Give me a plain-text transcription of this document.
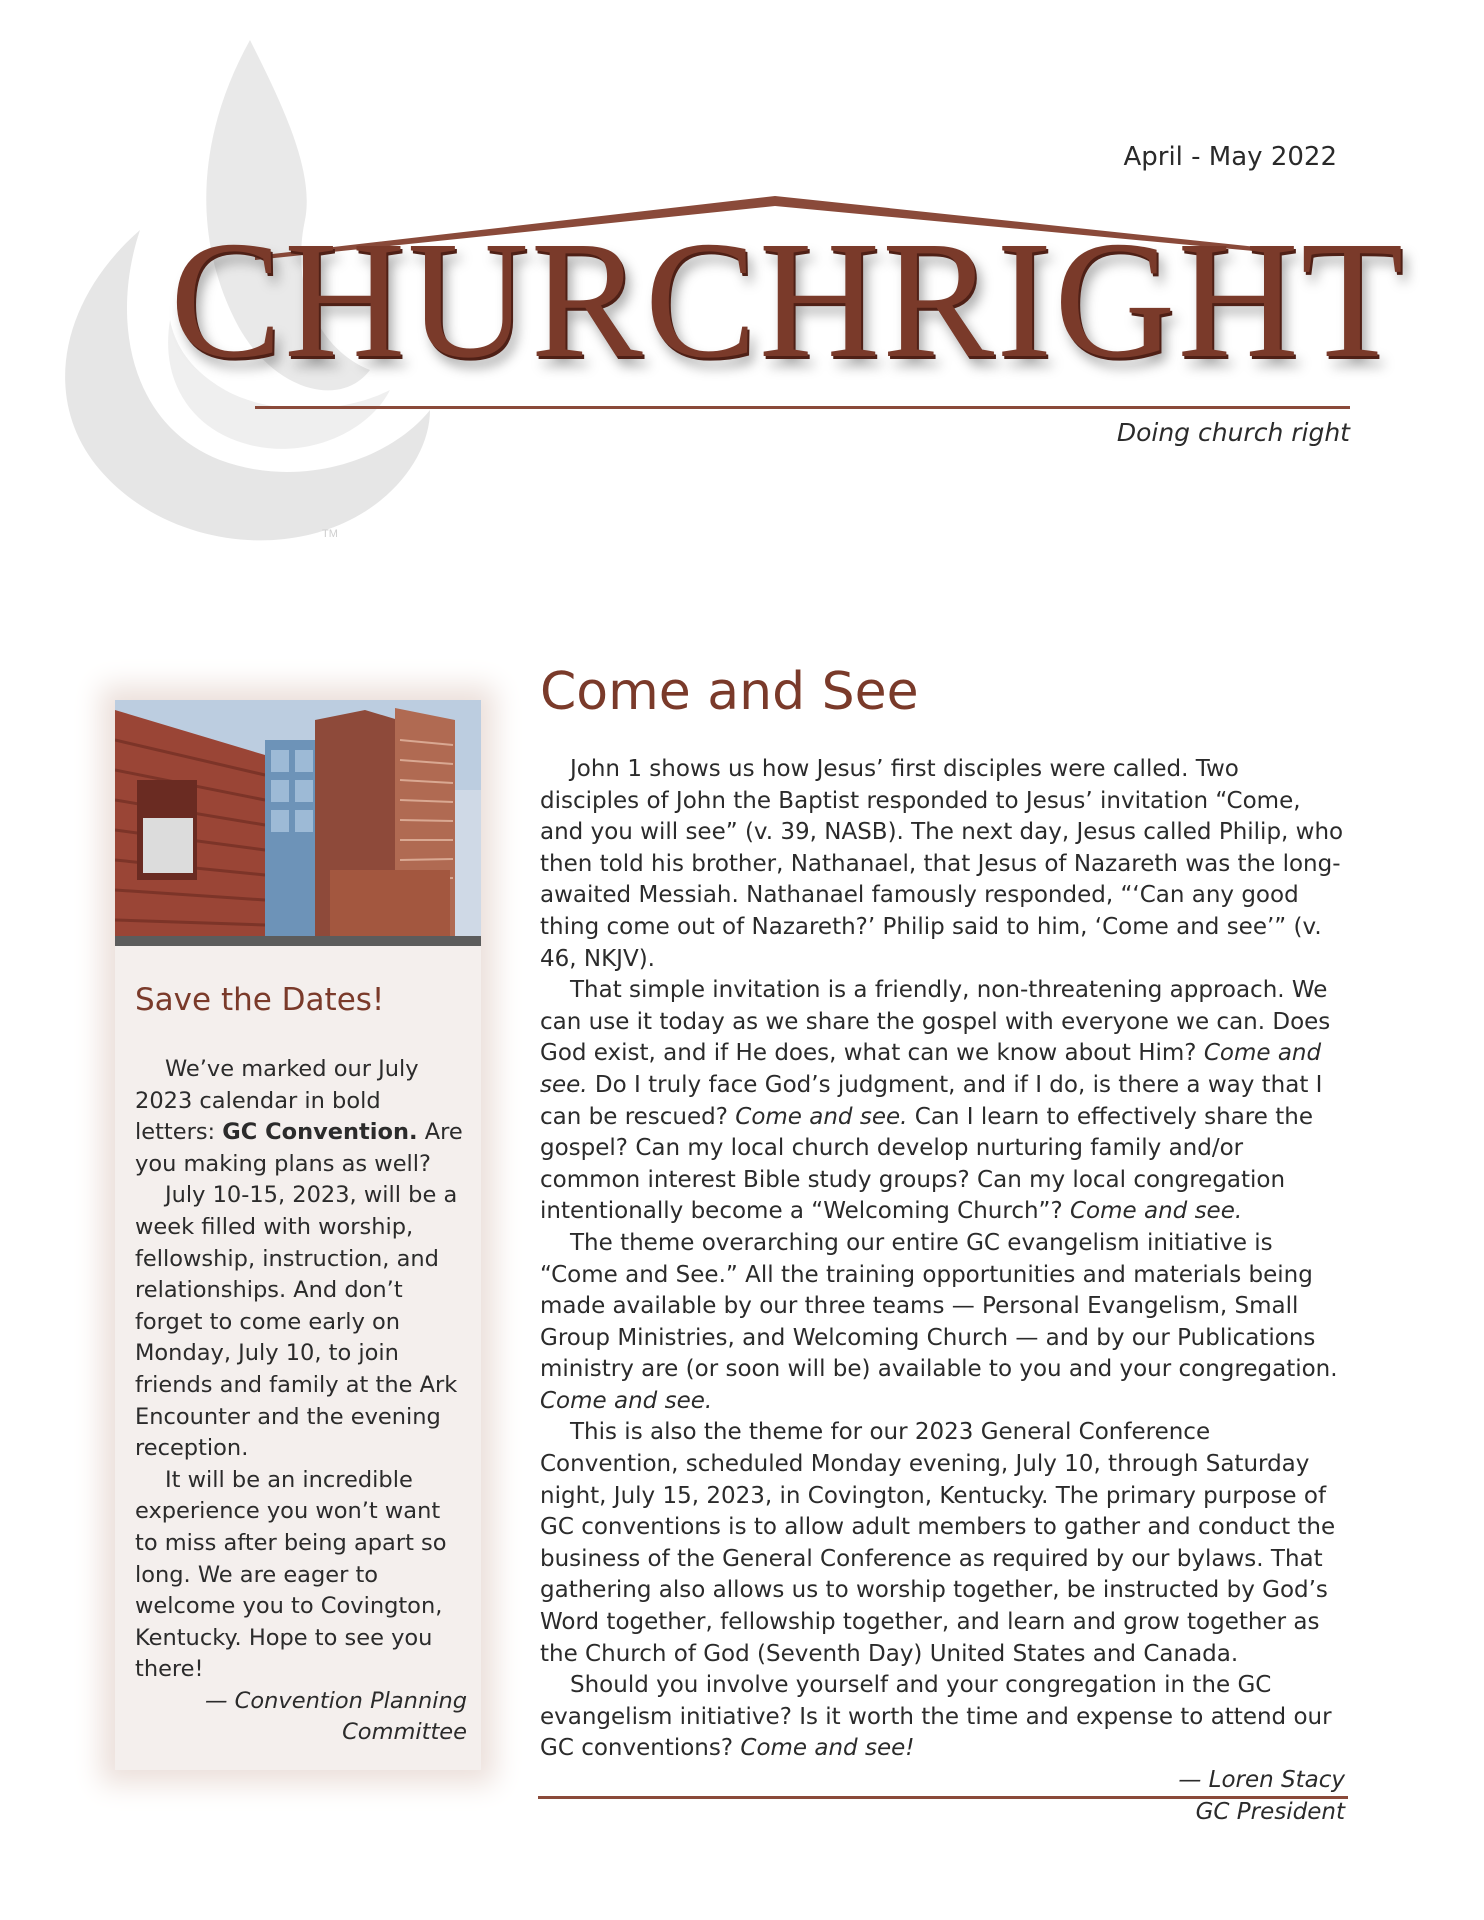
TM
April - May 2022
CHURCHRIGHT
Doing church right
Save the Dates!

We’ve marked our July 2023 calendar in bold letters: GC Convention. Are you making plans as well?

July 10-15, 2023, will be a week filled with worship, fellowship, instruction, and relationships. And don’t forget to come early on Monday, July 10, to join friends and family at the Ark Encounter and the evening reception.

It will be an incredible experience you won’t want to miss after being apart so long. We are eager to welcome you to Covington, Kentucky. Hope to see you there!

— Convention Planning
Committee
Come and See

John 1 shows us how Jesus’ first disciples were called. Two disciples of John the Baptist responded to Jesus’ invitation “Come, and you will see” (v. 39, NASB). The next day, Jesus called Philip, who then told his brother, Nathanael, that Jesus of Nazareth was the long-awaited Messiah. Nathanael famously responded, “‘Can any good thing come out of Nazareth?’ Philip said to him, ‘Come and see’” (v. 46, NKJV).

That simple invitation is a friendly, non-threatening approach. We can use it today as we share the gospel with everyone we can. Does God exist, and if He does, what can we know about Him? Come and see. Do I truly face God’s judgment, and if I do, is there a way that I can be rescued? Come and see. Can I learn to effectively share the gospel? Can my local church develop nurturing family and/or common interest Bible study groups? Can my local congregation intentionally become a “Welcoming Church”? Come and see.

The theme overarching our entire GC evangelism initiative is “Come and See.” All the training opportunities and materials being made available by our three teams — Personal Evangelism, Small Group Ministries, and Welcoming Church — and by our Publications ministry are (or soon will be) available to you and your congregation. Come and see.

This is also the theme for our 2023 General Conference Convention, scheduled Monday evening, July 10, through Saturday night, July 15, 2023, in Covington, Kentucky. The primary purpose of GC conventions is to allow adult members to gather and conduct the business of the General Conference as required by our bylaws. That gathering also allows us to worship together, be instructed by God’s Word together, fellowship together, and learn and grow together as the Church of God (Seventh Day) United States and Canada.

Should you involve yourself and your congregation in the GC evangelism initiative? Is it worth the time and expense to attend our GC conventions? Come and see!

— Loren Stacy
GC President
